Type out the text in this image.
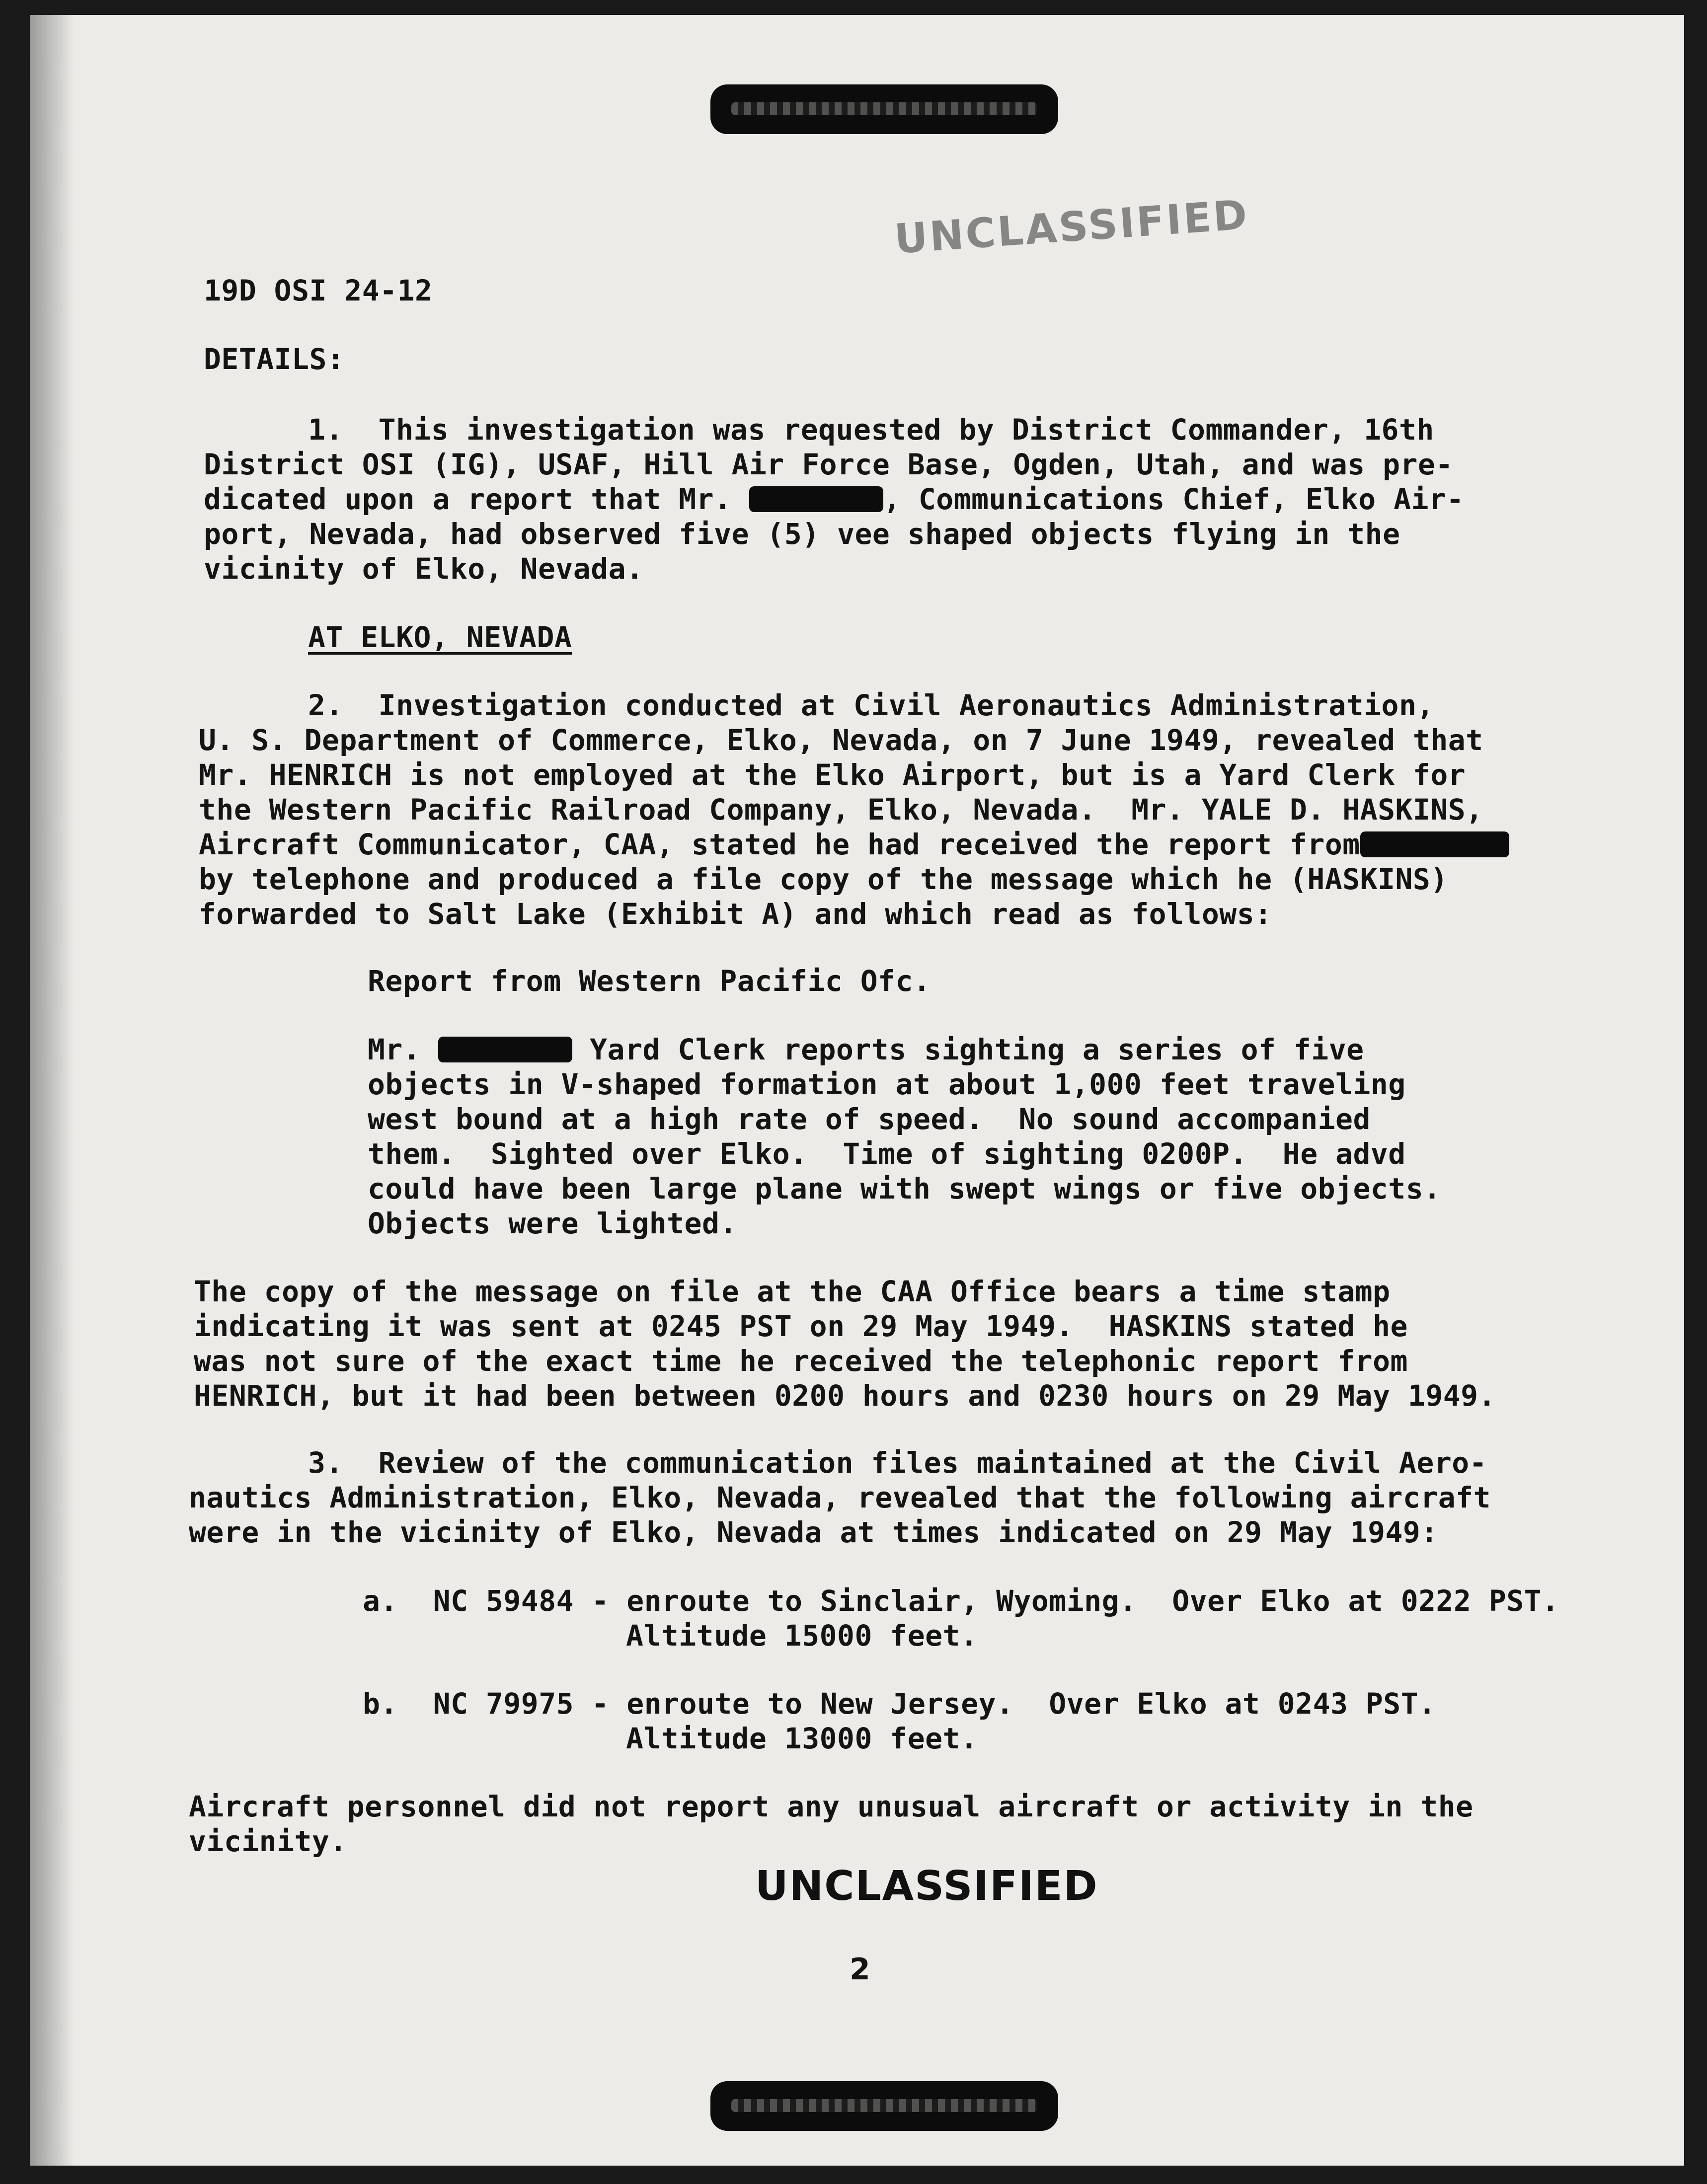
UNCLASSIFIED
19D OSI 24-12
DETAILS:
1.  This investigation was requested by District Commander, 16th
District OSI (IG), USAF, Hill Air Force Base, Ogden, Utah, and was pre-
dicated upon a report that Mr.	, Communications Chief, Elko Air-
port, Nevada, had observed five (5) vee shaped objects flying in the
vicinity of Elko, Nevada.
AT ELKO, NEVADA
2.  Investigation conducted at Civil Aeronautics Administration,
U. S. Department of Commerce, Elko, Nevada, on 7 June 1949, revealed that
Mr. HENRICH is not employed at the Elko Airport, but is a Yard Clerk for
the Western Pacific Railroad Company, Elko, Nevada.  Mr. YALE D. HASKINS,
Aircraft Communicator, CAA, stated he had received the report from
by telephone and produced a file copy of the message which he (HASKINS)
forwarded to Salt Lake (Exhibit A) and which read as follows:
Report from Western Pacific Ofc.
Mr.	Yard Clerk reports sighting a series of five
objects in V-shaped formation at about 1,000 feet traveling
west bound at a high rate of speed.  No sound accompanied
them.  Sighted over Elko.  Time of sighting 0200P.  He advd
could have been large plane with swept wings or five objects.
Objects were lighted.
The copy of the message on file at the CAA Office bears a time stamp
indicating it was sent at 0245 PST on 29 May 1949.  HASKINS stated he
was not sure of the exact time he received the telephonic report from
HENRICH, but it had been between 0200 hours and 0230 hours on 29 May 1949.
3.  Review of the communication files maintained at the Civil Aero-
nautics Administration, Elko, Nevada, revealed that the following aircraft
were in the vicinity of Elko, Nevada at times indicated on 29 May 1949:
a.  NC 59484 - enroute to Sinclair, Wyoming.  Over Elko at 0222 PST.
Altitude 15000 feet.
b.  NC 79975 - enroute to New Jersey.  Over Elko at 0243 PST.
Altitude 13000 feet.
Aircraft personnel did not report any unusual aircraft or activity in the
vicinity.
UNCLASSIFIED
2
